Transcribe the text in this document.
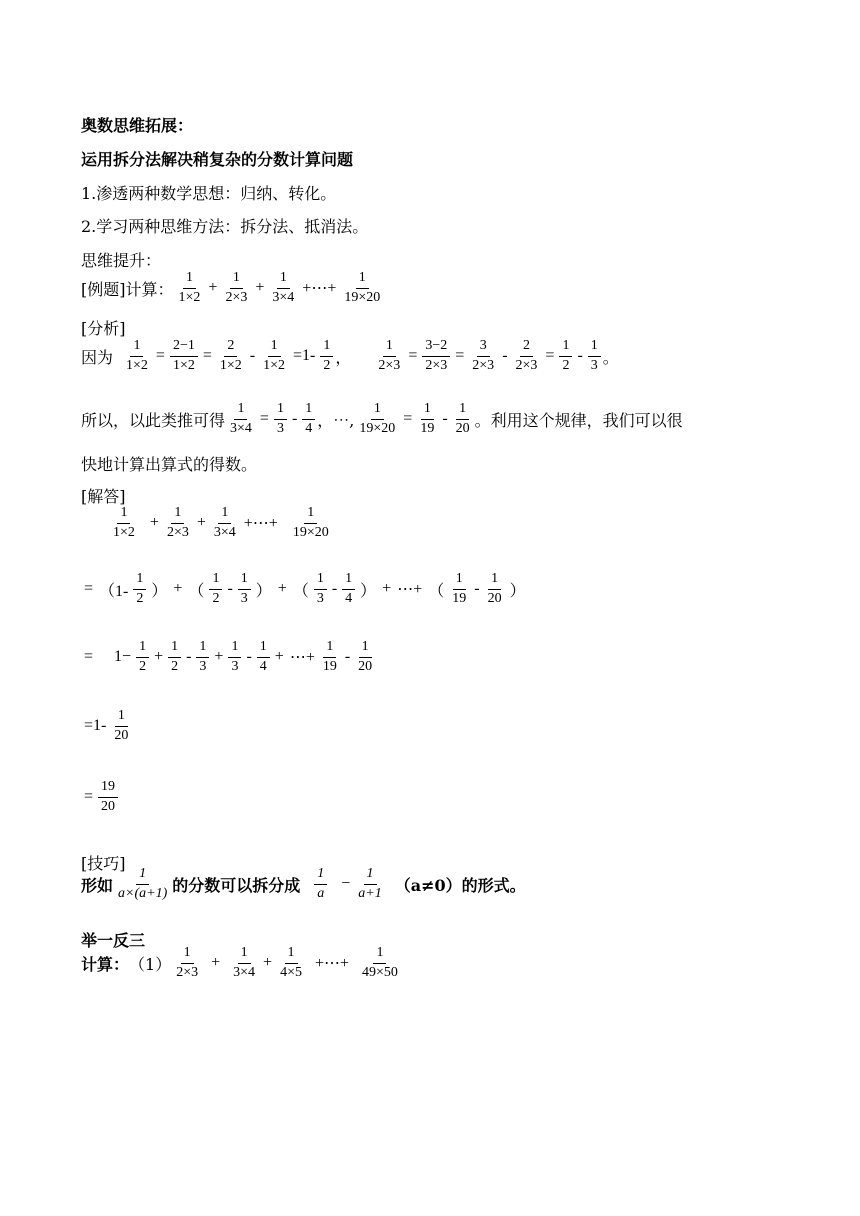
奥数思维拓展：
运用拆分法解决稍复杂的分数计算问题
1.渗透两种数学思想：归纳、转化。
2.学习两种思维方法：拆分法、抵消法。
思维提升：
[例题] 计算： $\frac{1}{1\times 2} + \frac{1}{2\times 3} + \frac{1}{3\times 4}$ +⋯+ $\frac{1}{19\times 20}$
[分析]
因为 $\frac{1}{1\times 2} = \frac{2-1}{1\times 2} = \frac{2}{1\times 2} - \frac{1}{1\times 2} =1- \frac{1}{2}$ ， $\frac{1}{2\times 3} = \frac{3-2}{2\times 3} = \frac{3}{2\times 3} - \frac{2}{2\times 3} = \frac{1}{2} - \frac{1}{3}$ 。
所以，以此类推可得 $\frac{1}{3\times 4} = \frac{1}{3} - \frac{1}{4}$ ，⋯, $\frac{1}{19\times 20} = \frac{1}{19} - \frac{1}{20}$ 。利用这个规律，我们可以很
快地计算出算式的得数。
[解答]
$\frac{1}{1\times 2} + \frac{1}{2\times 3} + \frac{1}{3\times 4}$ +⋯+ $\frac{1}{19\times 20}$
= （$1- \frac{1}{2}$ ） + （ $\frac{1}{2} - \frac{1}{3}$ ） + （ $\frac{1}{3} - \frac{1}{4}$ ） + ⋯+ （ $\frac{1}{19} - \frac{1}{20}$ ）
= $1- \frac{1}{2} + \frac{1}{2} - \frac{1}{3} + \frac{1}{3} - \frac{1}{4}$ + ⋯+ $\frac{1}{19} - \frac{1}{20}$
$=1- \frac{1}{20}$
= $\frac{19}{20}$
[技巧]
形如 $\frac{1}{a\times(a+1)}$ 的分数可以拆分成 $\frac{1}{a} - \frac{1}{a+1} (a\ne 0)$的形式。
举一反三
计算： $(1) \frac{1}{2\times 3} + \frac{1}{3\times 4} + \frac{1}{4\times 5}$ +⋯+ $\frac{1}{49\times 50}$
